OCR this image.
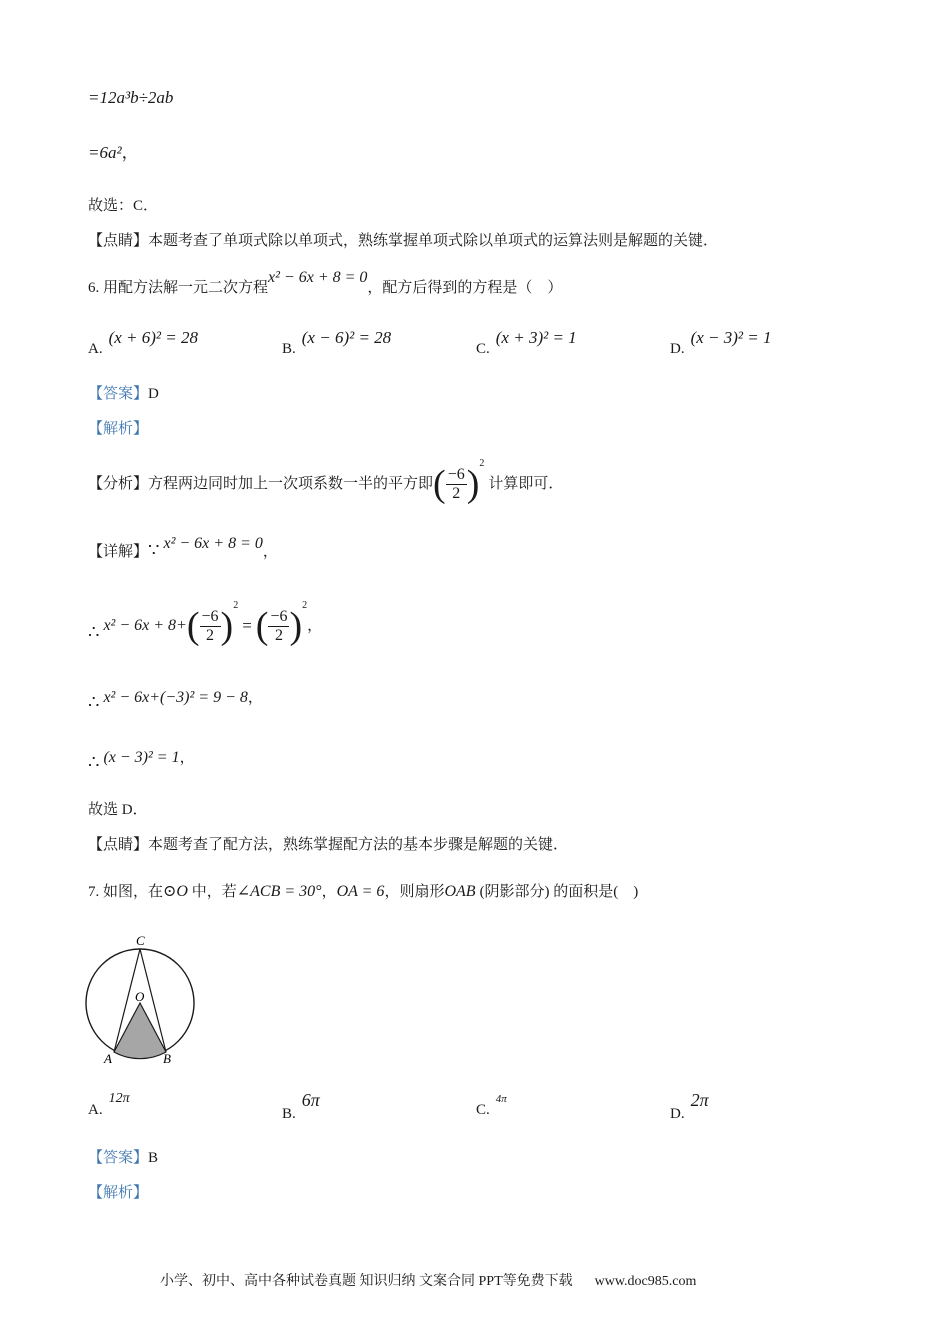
=12a³b÷2ab
=6a²，
故选：C．
【点睛】本题考查了单项式除以单项式，熟练掌握单项式除以单项式的运算法则是解题的关键．
6. 用配方法解一元二次方程x² − 6x + 8 = 0，配方后得到的方程是（　）
A.(x + 6)² = 28
B.(x − 6)² = 28
C.(x + 3)² = 1
D.(x − 3)² = 1
【答案】D
【解析】
【分析】 方程两边同时加上一次项系数一半的平方即 ( $\frac{-6}{2}$ ) 2
计算即可．
【详解】∵ x² − 6x + 8 = 0，
∴ x² − 6x + 8+ ( $\frac{-6}{2}$ ) 2
= ( $\frac{-6}{2}$ ) 2
，
∴ x² − 6x+(−3)² = 9 − 8，
∴ (x − 3)² = 1，
故选 D．
【点睛】本题考查了配方法，熟练掌握配方法的基本步骤是解题的关键．
7. 如图，在⊙O 中，若∠ACB = 30°，OA = 6，则扇形OAB (阴影部分) 的面积是(　)
C
O
A	B
A.12π
B.6π	C.$^{4\pi}$
D.2π
【答案】B
【解析】
小学、初中、高中各种试卷真题 知识归纳 文案合同 PPT等免费下载 www.doc985.com
